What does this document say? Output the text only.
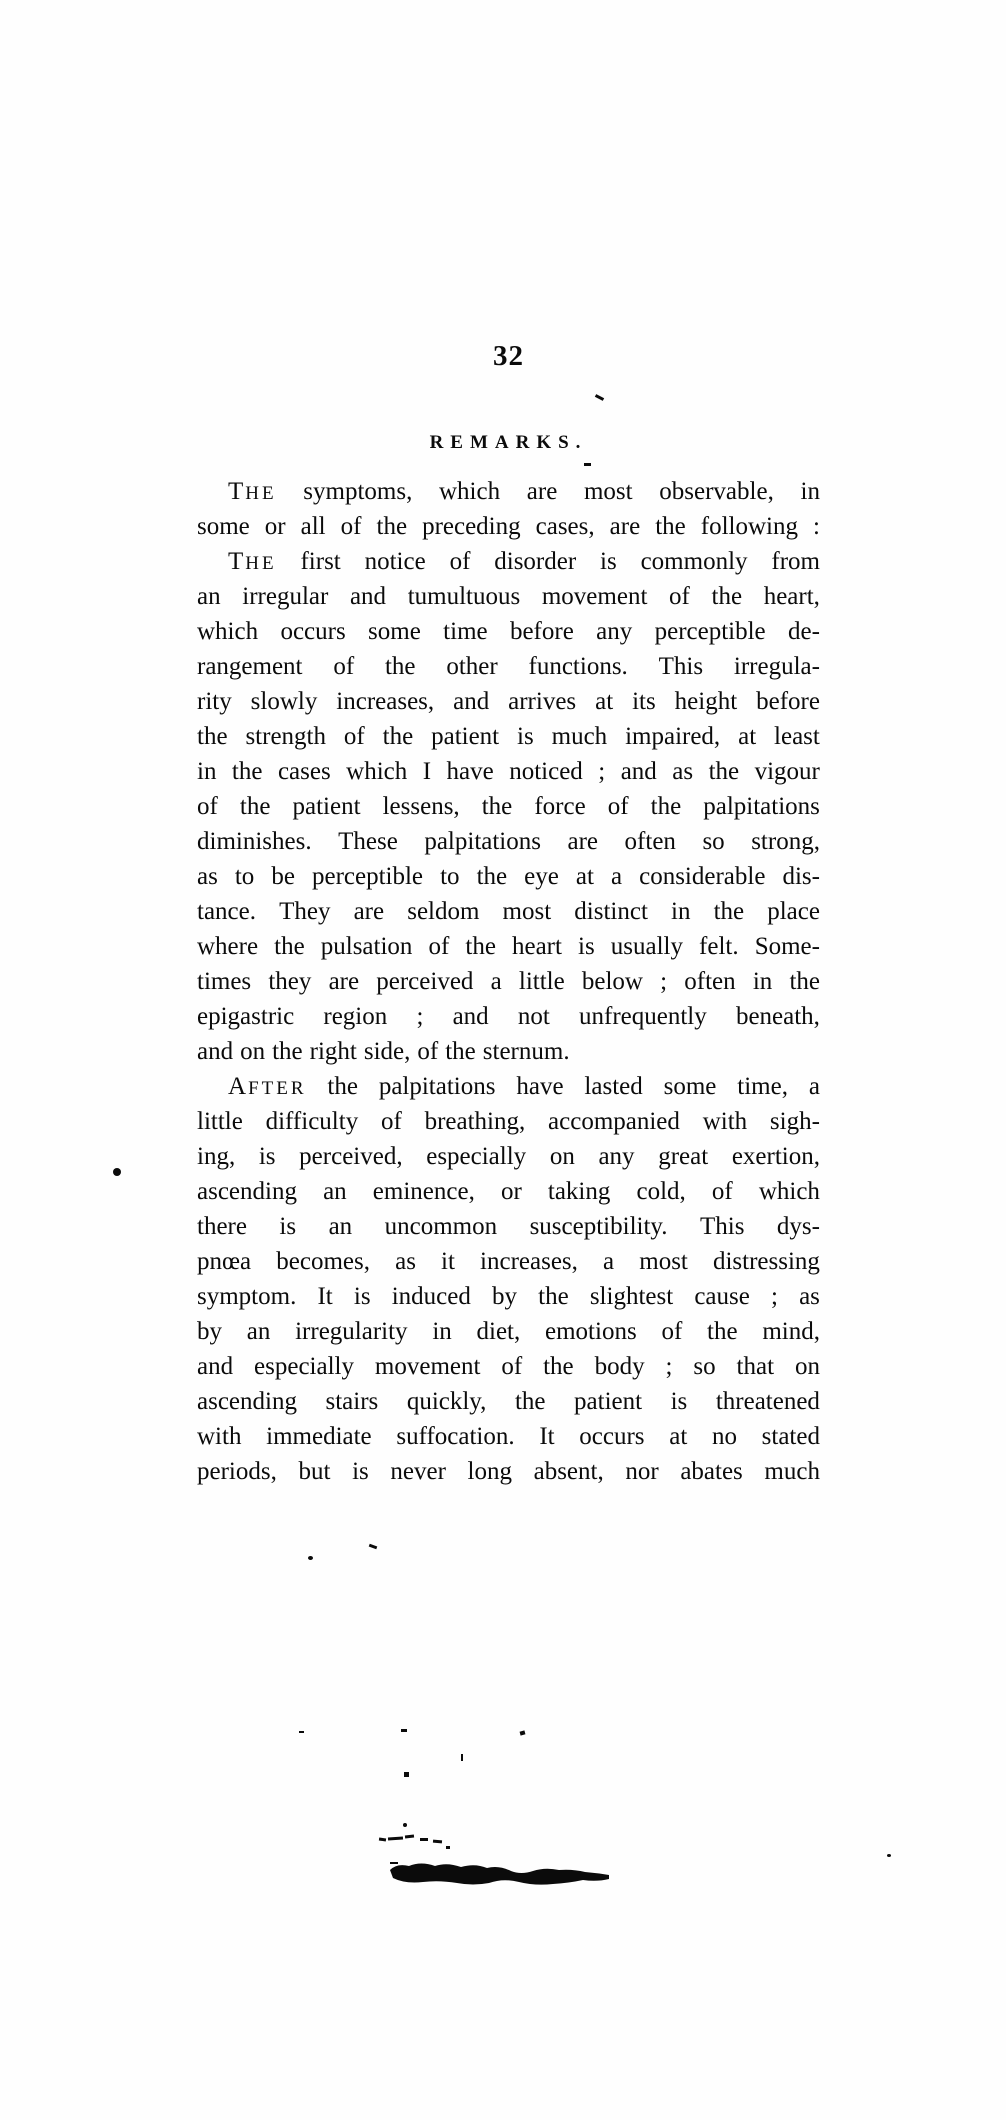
32
REMARKS.
T HE symptoms, which are most observable, in
some or all of the preceding cases, are the following :
T HE first notice of disorder is commonly from
an irregular and tumultuous movement of the heart,
which occurs some time before any perceptible de-
rangement of the other functions. This irregula-
rity slowly increases, and arrives at its height before
the strength of the patient is much impaired, at least
in the cases which I have noticed ; and as the vigour
of the patient lessens, the force of the palpitations
diminishes. These palpitations are often so strong,
as to be perceptible to the eye at a considerable dis-
tance. They are seldom most distinct in the place
where the pulsation of the heart is usually felt. Some-
times they are perceived a little below ; often in the
epigastric region ; and not unfrequently beneath,
and on the right side, of the sternum.
A FTER the palpitations have lasted some time, a
little difficulty of breathing, accompanied with sigh-
ing, is perceived, especially on any great exertion,
ascending an eminence, or taking cold, of which
there is an uncommon susceptibility. This dys-
pnœa becomes, as it increases, a most distressing
symptom. It is induced by the slightest cause ; as
by an irregularity in diet, emotions of the mind,
and especially movement of the body ; so that on
ascending stairs quickly, the patient is threatened
with immediate suffocation. It occurs at no stated
periods, but is never long absent, nor abates much
